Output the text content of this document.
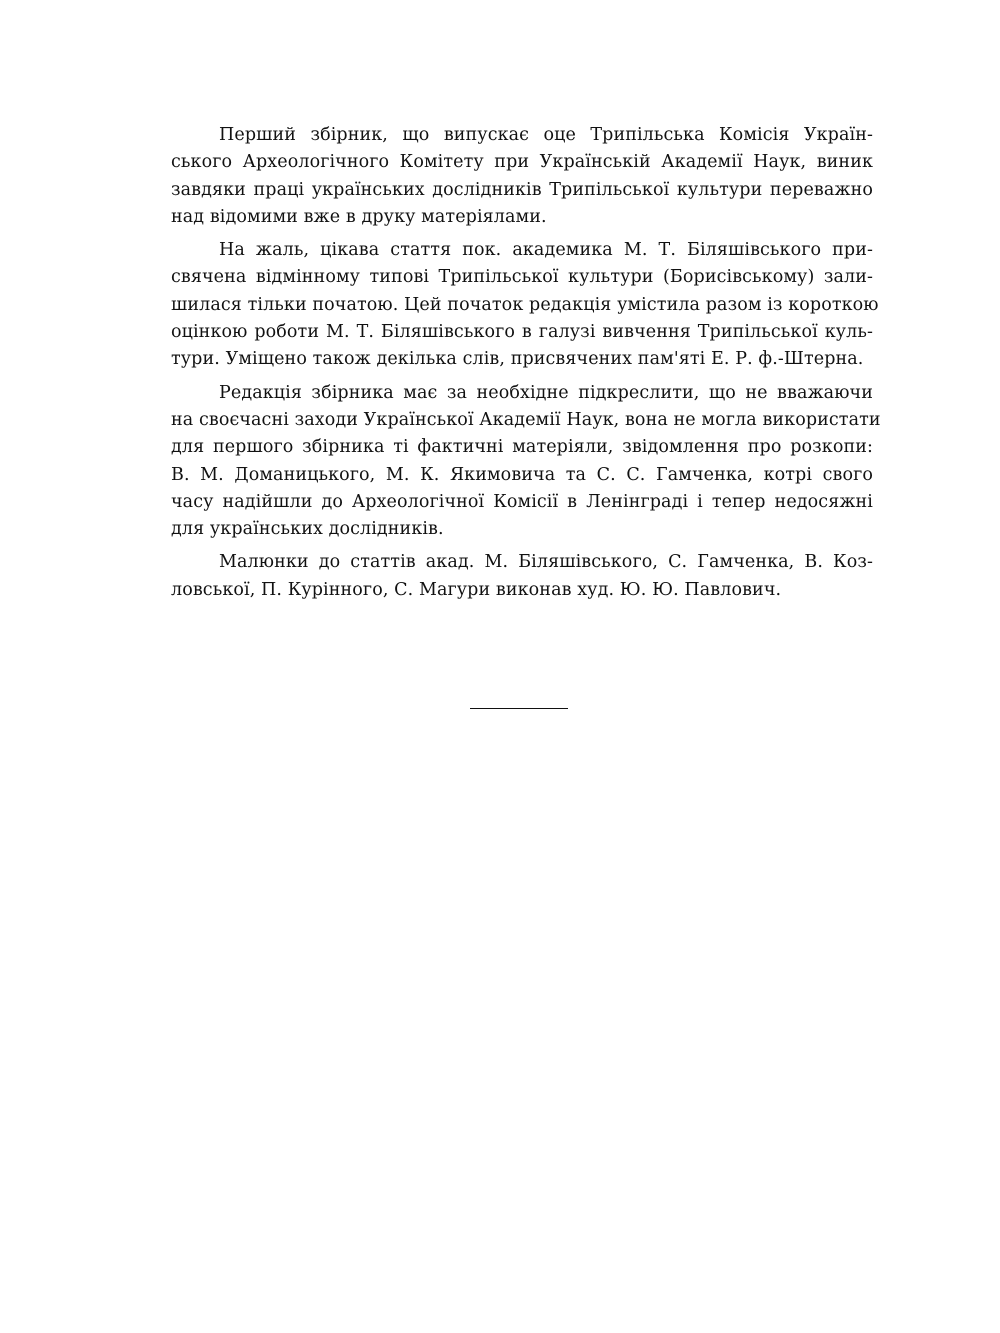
Перший збірник, що випускає оце Трипільська Комісія Україн-
ського Археологічного Комітету при Українській Академії Наук, виник
завдяки праці українських дослідників Трипільської культури переважно
над відомими вже в друку матеріялами.
На жаль, цікава стаття пок. академика М. Т. Біляшівського при-
свячена відмінному типові Трипільської культури (Борисівському) зали-
шилася тільки початою. Цей початок редакція умістила разом із короткою
оцінкою роботи М. Т. Біляшівського в галузі вивчення Трипільської куль-
тури. Уміщено також декілька слів, присвячених пам'яті Е. Р. ф.-Штерна.
Редакція збірника має за необхідне підкреслити, що не вважаючи
на своєчасні заходи Української Академії Наук, вона не могла використати
для першого збірника ті фактичні матеріяли, звідомлення про розкопи:
В. М. Доманицького, М. К. Якимовича та С. С. Гамченка, котрі свого
часу надійшли до Археологічної Комісії в Ленінграді і тепер недосяжні
для українських дослідників.
Малюнки до статтів акад. М. Біляшівського, С. Гамченка, В. Коз-
ловської, П. Курінного, С. Магури виконав худ. Ю. Ю. Павлович.
